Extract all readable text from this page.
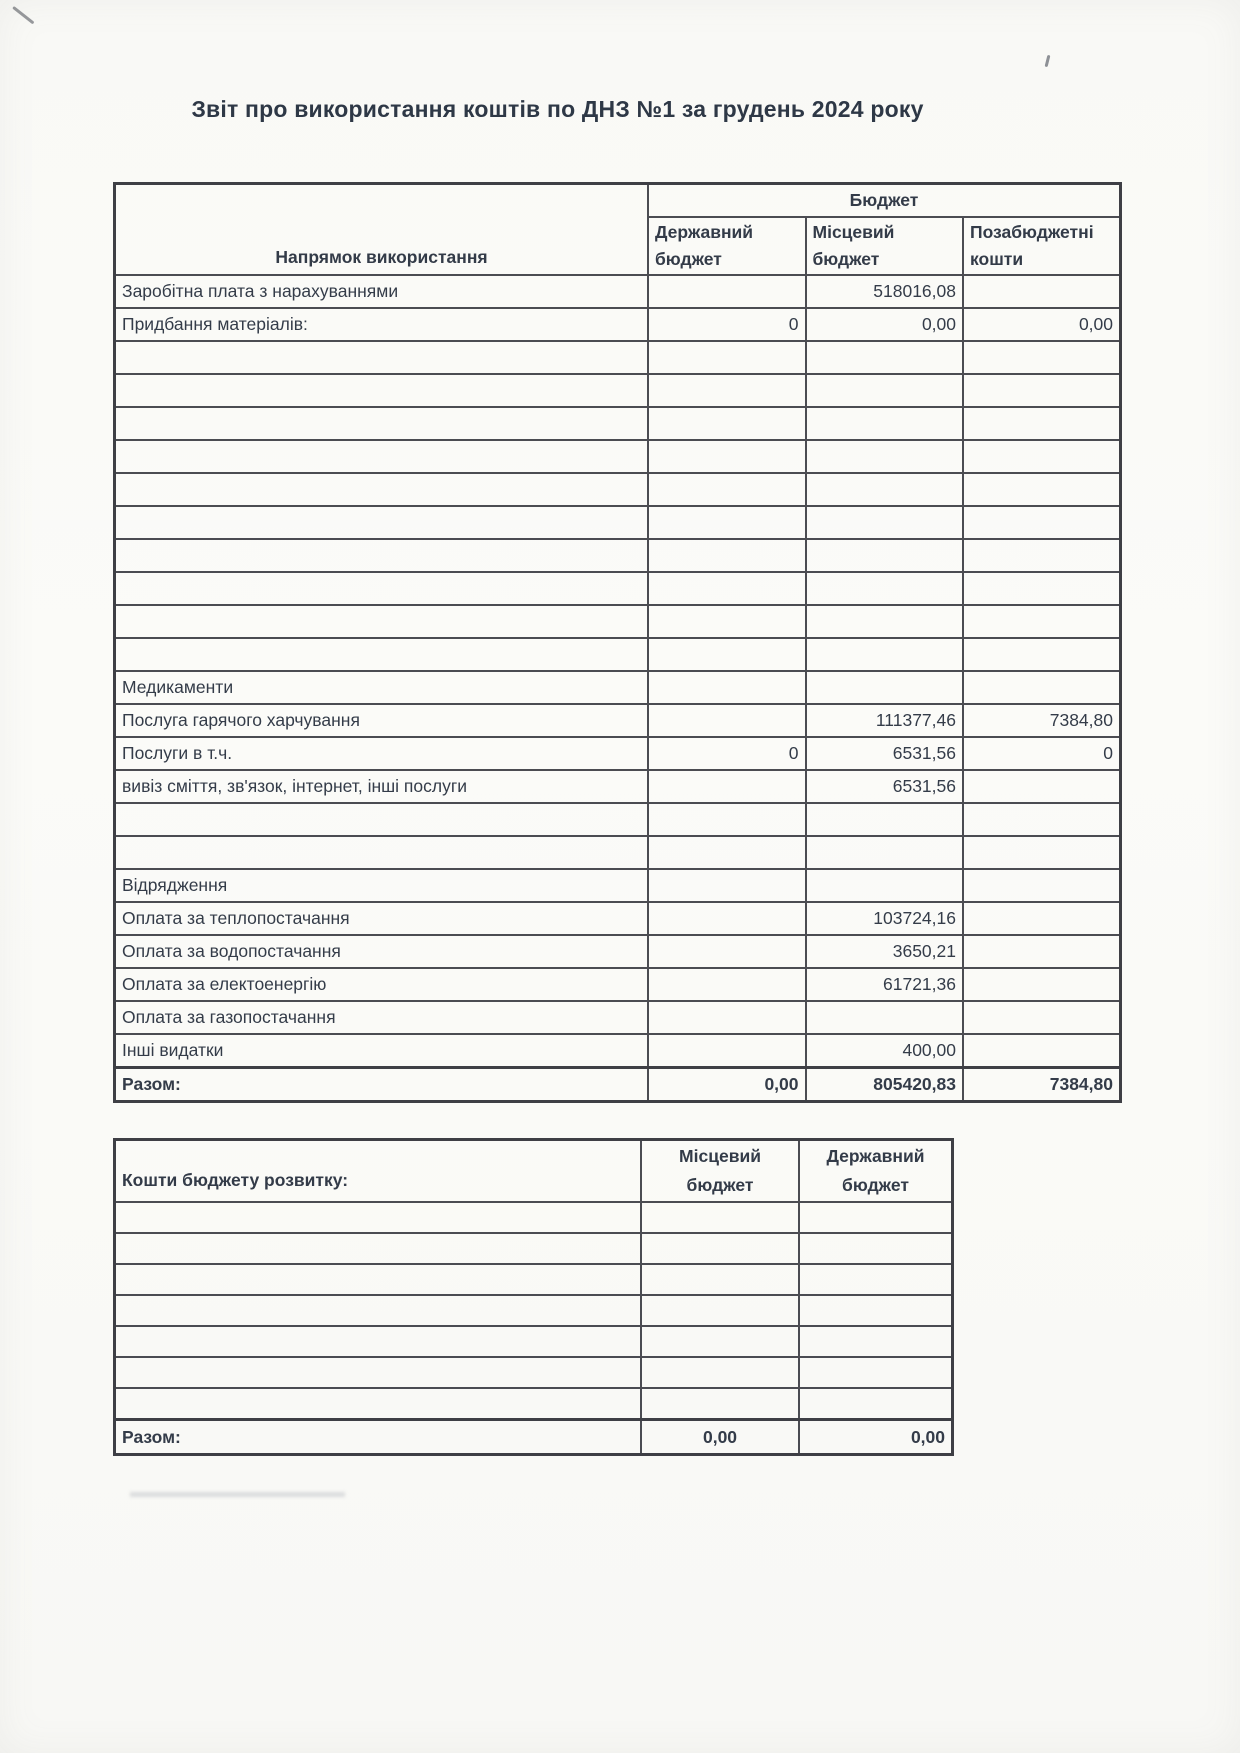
Звіт про використання коштів по ДНЗ №1 за грудень 2024 року
Напрямок використання	Бюджет		
	Державний бюджет	Місцевий бюджет	Позабюджетні кошти
Заробітна плата з нарахуваннями		518016,08	
Придбання матеріалів:	0	0,00	0,00

Медикаменти			
Послуга гарячого харчування		111377,46	7384,80
Послуги в т.ч.	0	6531,56	0
вивіз сміття, зв'язок, інтернет, інші послуги		6531,56	

Відрядження			
Оплата за теплопостачання		103724,16	
Оплата за водопостачання		3650,21	
Оплата за електоенергію		61721,36	
Оплата за газопостачання			
Інші видатки		400,00	
Разом:	0,00	805420,83	7384,80
Кошти бюджету розвитку:	Місцевий бюджет	Державний бюджет

Разом:	0,00	0,00
